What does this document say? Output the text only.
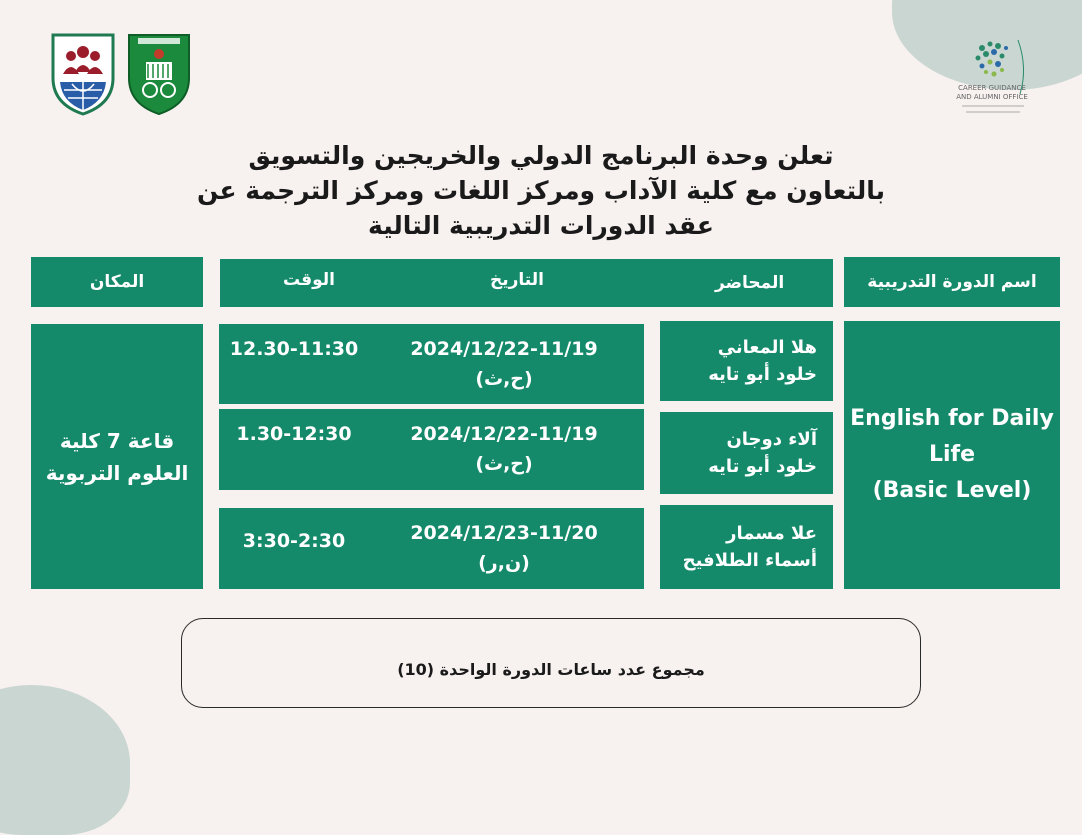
CAREER GUIDANCE
AND ALUMNI OFFICE
تعلن وحدة البرنامج الدولي والخريجين والتسويق
بالتعاون مع كلية الآداب ومركز اللغات ومركز الترجمة عن
عقد الدورات التدريبية التالية
اسم الدورة التدريبية
المحاضر
التاريخ
الوقت
المكان
English for Daily
Life
(Basic Level)
هلا المعاني
خلود أبو تايه
آلاء دوجان
خلود أبو تايه
علا مسمار
أسماء الطلافيح
2024/12/22-11/19
(ح,ث)
12.30-11:30
2024/12/22-11/19
(ح,ث)
1.30-12:30
2024/12/23-11/20
(ن,ر)
3:30-2:30
قاعة 7 كلية
العلوم التربوية
مجموع عدد ساعات الدورة الواحدة (10)
